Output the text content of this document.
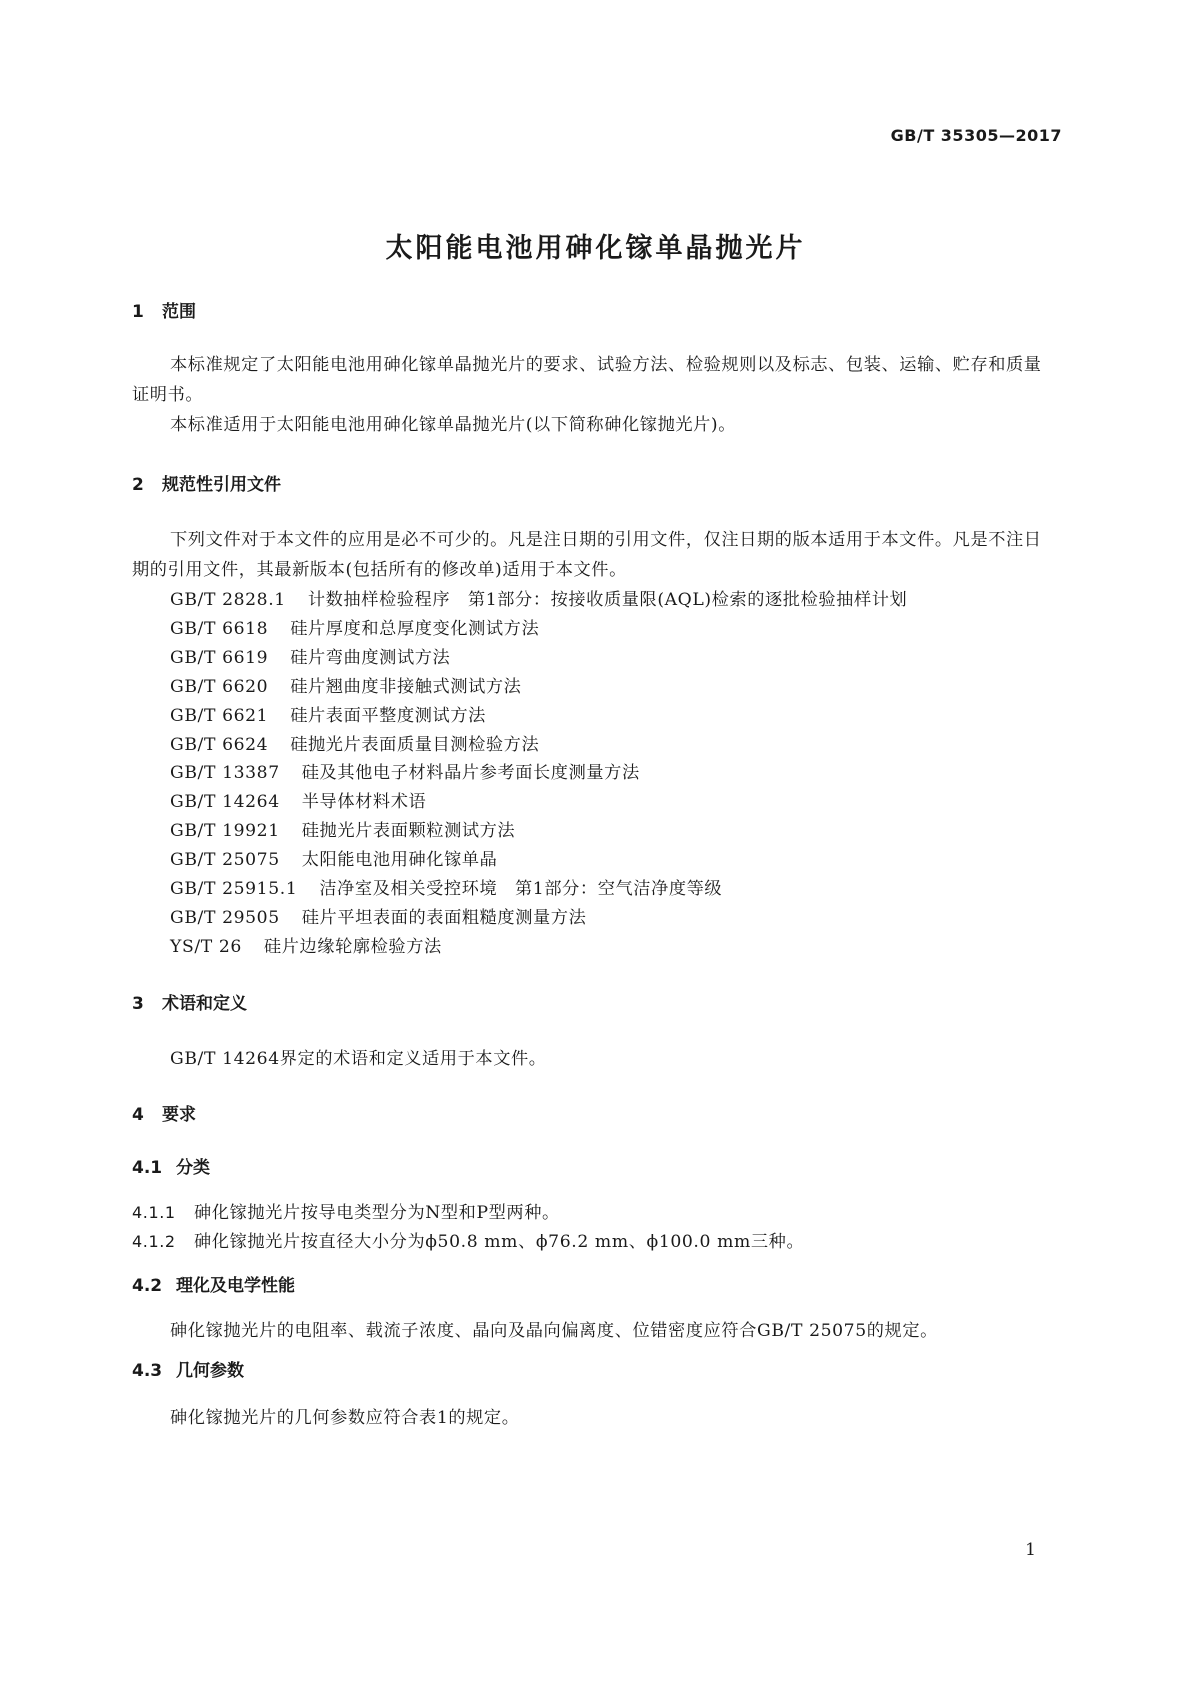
GB/T 35305—2017
太阳能电池用砷化镓单晶抛光片
1 范围
本标准规定了太阳能电池用砷化镓单晶抛光片的要求、试验方法、检验规则以及标志、包装、运输、贮存和质量证明书。
本标准适用于太阳能电池用砷化镓单晶抛光片(以下简称砷化镓抛光片)。
2 规范性引用文件
下列文件对于本文件的应用是必不可少的。凡是注日期的引用文件，仅注日期的版本适用于本文件。凡是不注日期的引用文件，其最新版本(包括所有的修改单)适用于本文件。
GB/T 2828.1 计数抽样检验程序　第1部分：按接收质量限(AQL)检索的逐批检验抽样计划
GB/T 6618 硅片厚度和总厚度变化测试方法
GB/T 6619 硅片弯曲度测试方法
GB/T 6620 硅片翘曲度非接触式测试方法
GB/T 6621 硅片表面平整度测试方法
GB/T 6624 硅抛光片表面质量目测检验方法
GB/T 13387 硅及其他电子材料晶片参考面长度测量方法
GB/T 14264 半导体材料术语
GB/T 19921 硅抛光片表面颗粒测试方法
GB/T 25075 太阳能电池用砷化镓单晶
GB/T 25915.1 洁净室及相关受控环境　第1部分：空气洁净度等级
GB/T 29505 硅片平坦表面的表面粗糙度测量方法
YS/T 26 硅片边缘轮廓检验方法
3 术语和定义
GB/T 14264界定的术语和定义适用于本文件。
4 要求
4.1 分类
4.1.1 砷化镓抛光片按导电类型分为N型和P型两种。
4.1.2 砷化镓抛光片按直径大小分为ϕ50.8 mm、ϕ76.2 mm、ϕ100.0 mm三种。
4.2 理化及电学性能
砷化镓抛光片的电阻率、载流子浓度、晶向及晶向偏离度、位错密度应符合GB/T 25075的规定。
4.3 几何参数
砷化镓抛光片的几何参数应符合表1的规定。
1
